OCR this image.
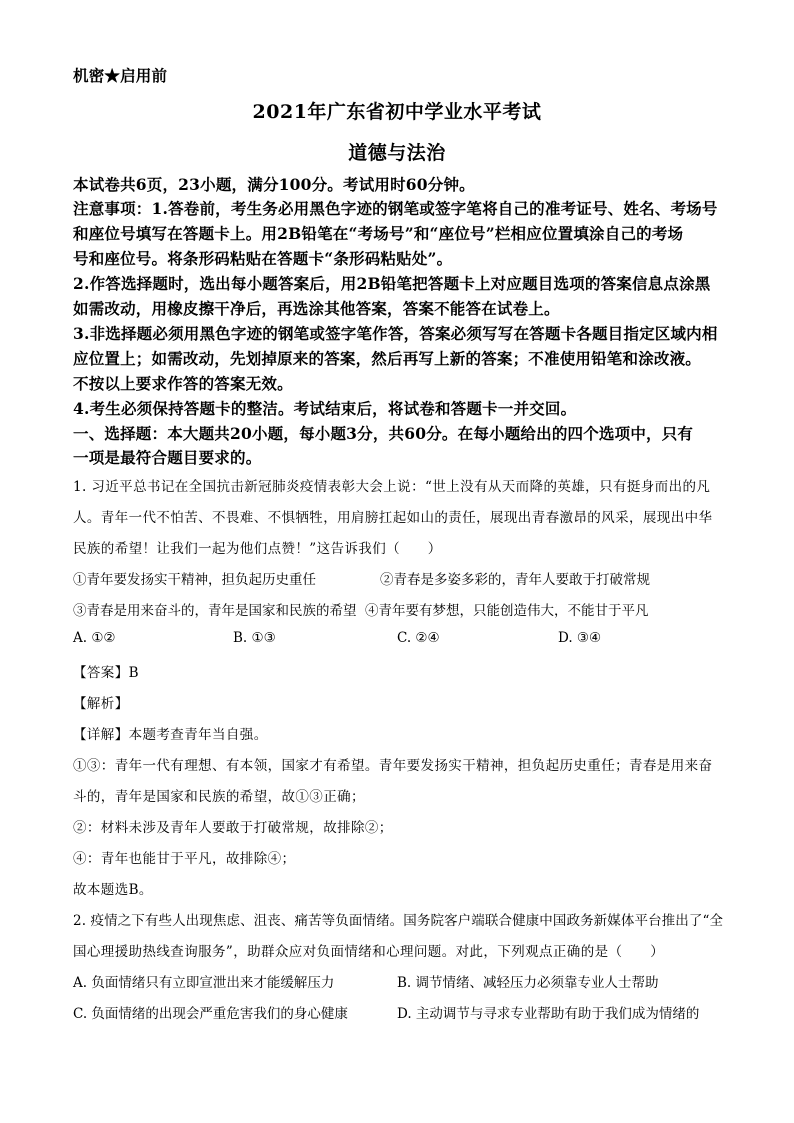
机密★启用前
2021年广东省初中学业水平考试
道德与法治
本试卷共6页，23小题，满分100分。考试用时60分钟。
注意事项：1.答卷前，考生务必用黑色字迹的钢笔或签字笔将自己的准考证号、姓名、考场号
和座位号填写在答题卡上。用2B铅笔在“考场号”和“座位号”栏相应位置填涂自己的考场
号和座位号。将条形码粘贴在答题卡“条形码粘贴处”。
2.作答选择题时，选出每小题答案后，用2B铅笔把答题卡上对应题目选项的答案信息点涂黑
如需改动，用橡皮擦干净后，再选涂其他答案，答案不能答在试卷上。
3.非选择题必须用黑色字迹的钢笔或签字笔作答，答案必须写写在答题卡各题目指定区域内相
应位置上；如需改动，先划掉原来的答案，然后再写上新的答案；不准使用铅笔和涂改液。
不按以上要求作答的答案无效。
4.考生必须保持答题卡的整洁。考试结束后，将试卷和答题卡一并交回。
一、选择题：本大题共20小题，每小题3分，共60分。在每小题给出的四个选项中，只有
一项是最符合题目要求的。
1. 习近平总书记在全国抗击新冠肺炎疫情表彰大会上说：“世上没有从天而降的英雄，只有挺身而出的凡
人。青年一代不怕苦、不畏难、不惧牺牲，用肩膀扛起如山的责任，展现出青春激昂的风采，展现出中华
民族的希望！让我们一起为他们点赞！”这告诉我们（　　）
①青年要发扬实干精神，担负起历史重任	②青春是多姿多彩的，青年人要敢于打破常规
③青春是用来奋斗的，青年是国家和民族的希望 ④青年要有梦想，只能创造伟大，不能甘于平凡
A. ①②	B. ①③	C. ②④	D. ③④
【答案】B
【解析】
【详解】本题考查青年当自强。
①③：青年一代有理想、有本领，国家才有希望。青年要发扬实干精神，担负起历史重任；青春是用来奋
斗的，青年是国家和民族的希望，故①③正确；
②：材料未涉及青年人要敢于打破常规，故排除②；
④：青年也能甘于平凡，故排除④；
故本题选B。
2. 疫情之下有些人出现焦虑、沮丧、痛苦等负面情绪。国务院客户端联合健康中国政务新媒体平台推出了“全
国心理援助热线查询服务”，助群众应对负面情绪和心理问题。对此，下列观点正确的是（　　）
A. 负面情绪只有立即宣泄出来才能缓解压力	B. 调节情绪、减轻压力必须靠专业人士帮助
C. 负面情绪的出现会严重危害我们的身心健康	D. 主动调节与寻求专业帮助有助于我们成为情绪的
